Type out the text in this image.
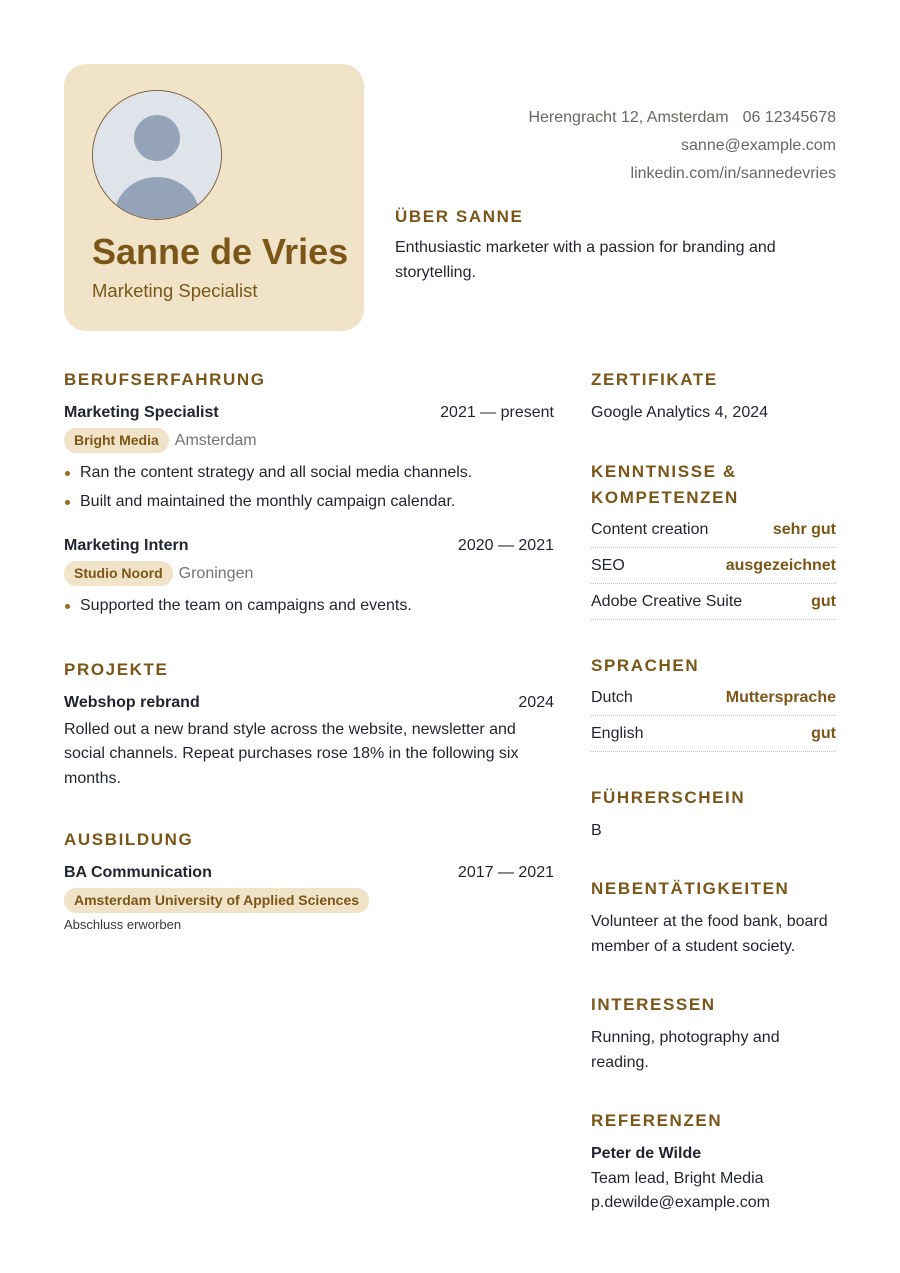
Sanne de Vries
Marketing Specialist
Herengracht 12, Amsterdam 06 12345678
sanne@example.com
linkedin.com/in/sannedevries
ÜBER SANNE

Enthusiastic marketer with a passion for branding and storytelling.

BERUFSERFAHRUNG
Marketing Specialist	2021 — present
Bright Media	Amsterdam
Ran the content strategy and all social media channels.
Built and maintained the monthly campaign calendar.
Marketing Intern	2020 — 2021
Studio Noord	Groningen
Supported the team on campaigns and events.
PROJEKTE
Webshop rebrand	2024

Rolled out a new brand style across the website, newsletter and social channels. Repeat purchases rose 18% in the following six months.

AUSBILDUNG
BA Communication	2017 — 2021
Amsterdam University of Applied Sciences
Abschluss erworben
ZERTIFIKATE

Google Analytics 4, 2024

KENNTNISSE & KOMPETENZEN
Content creation	sehr gut
SEO	ausgezeichnet
Adobe Creative Suite	gut
SPRACHEN
Dutch	Muttersprache
English	gut
FÜHRERSCHEIN

B

NEBENTÄTIGKEITEN

Volunteer at the food bank, board member of a student society.

INTERESSEN

Running, photography and reading.

REFERENZEN
Peter de Wilde
Team lead, Bright Media
p.dewilde@example.com
